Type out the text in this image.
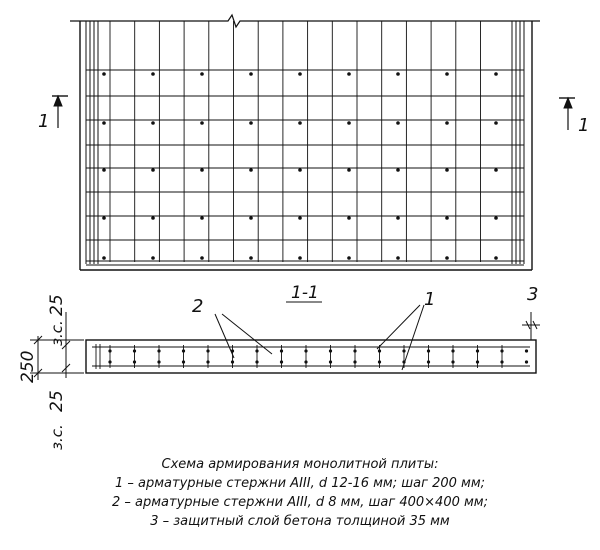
1	1
1-1
2	1	3
25
з.с.
250
25
з.с.
Схема армирования монолитной плиты:
1 – арматурные стержни AIII, d 12-16 мм; шаг 200 мм;
2 – арматурные стержни AIII, d 8 мм, шаг 400×400 мм;
3 – защитный слой бетона толщиной 35 мм
